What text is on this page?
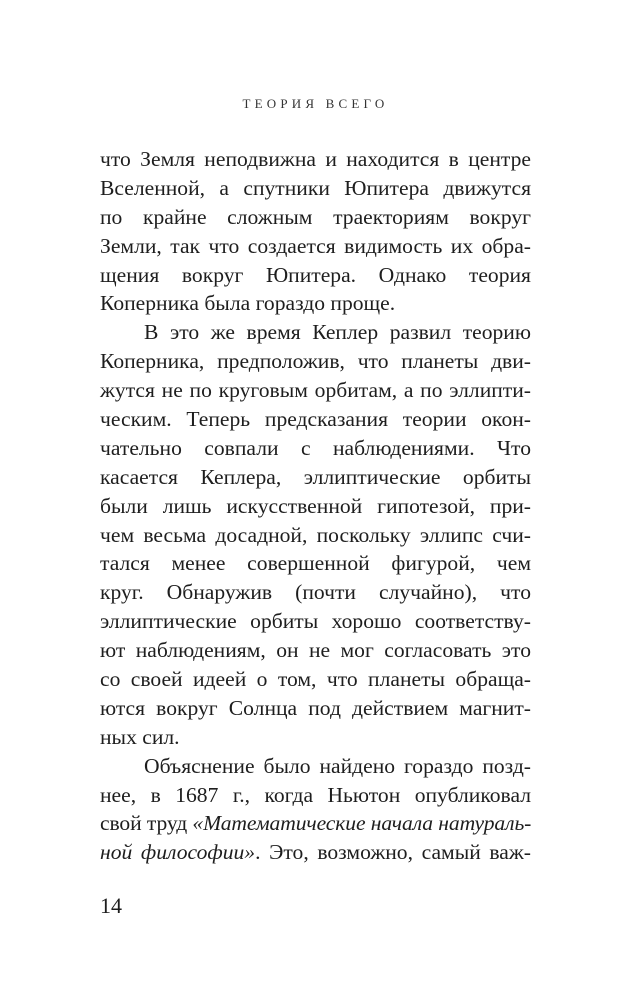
ТЕОРИЯ ВСЕГО
что Земля неподвижна и находится в центре
Вселенной, а спутники Юпитера движутся
по крайне сложным траекториям вокруг
Земли, так что создается видимость их обра-
щения вокруг Юпитера. Однако теория
Коперника была гораздо проще.
В это же время Кеплер развил теорию
Коперника, предположив, что планеты дви-
жутся не по круговым орбитам, а по эллипти-
ческим. Теперь предсказания теории окон-
чательно совпали с наблюдениями. Что
касается Кеплера, эллиптические орбиты
были лишь искусственной гипотезой, при-
чем весьма досадной, поскольку эллипс счи-
тался менее совершенной фигурой, чем
круг. Обнаружив (почти случайно), что
эллиптические орбиты хорошо соответству-
ют наблюдениям, он не мог согласовать это
со своей идеей о том, что планеты обраща-
ются вокруг Солнца под действием магнит-
ных сил.
Объяснение было найдено гораздо позд-
нее, в 1687 г., когда Ньютон опубликовал
свой труд «Математические начала натураль-
ной философии». Это, возможно, самый важ-
14
